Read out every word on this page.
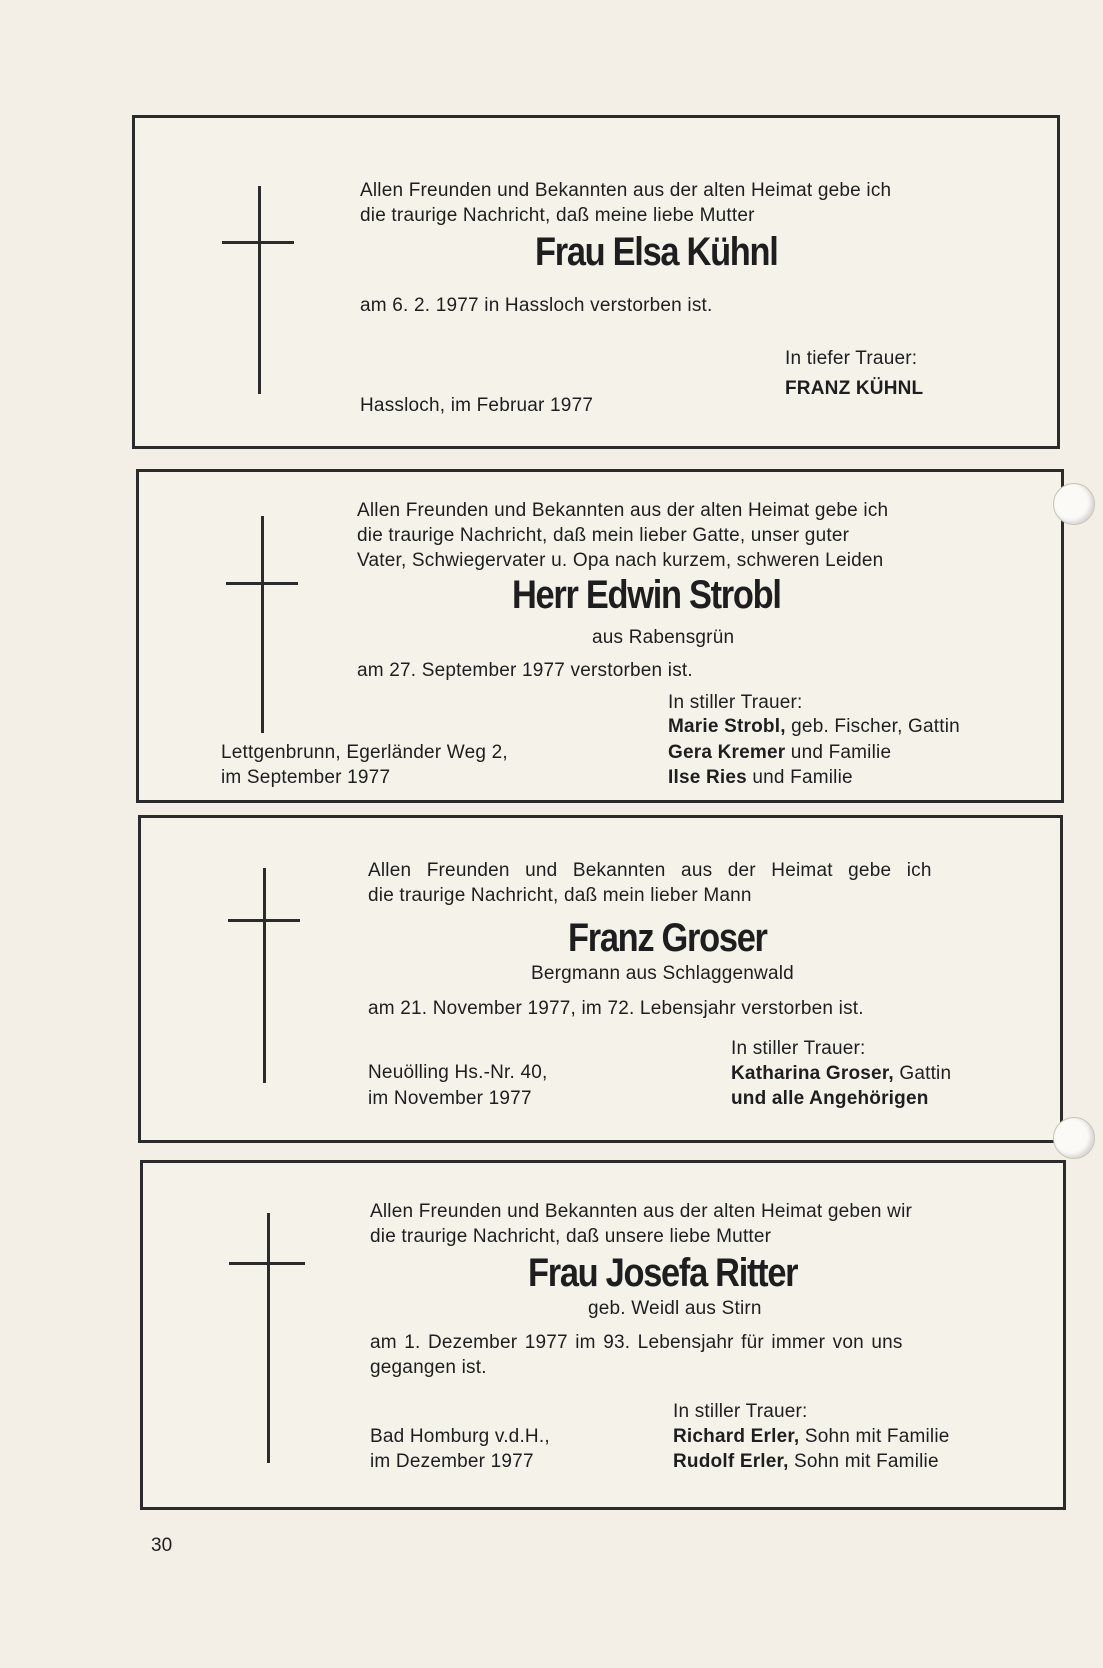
Allen Freunden und Bekannten aus der alten Heimat gebe ich
die traurige Nachricht, daß meine liebe Mutter
Frau Elsa Kühnl
am 6. 2. 1977 in Hassloch verstorben ist.
In tiefer Trauer:
FRANZ KÜHNL
Hassloch, im Februar 1977
Allen Freunden und Bekannten aus der alten Heimat gebe ich
die traurige Nachricht, daß mein lieber Gatte, unser guter
Vater, Schwiegervater u. Opa nach kurzem, schweren Leiden
Herr Edwin Strobl
aus Rabensgrün
am 27. September 1977 verstorben ist.
In stiller Trauer:
Marie Strobl, geb. Fischer, Gattin
Gera Kremer und Familie
Ilse Ries und Familie
Lettgenbrunn, Egerländer Weg 2,
im September 1977
Allen Freunden und Bekannten aus der Heimat gebe ich
die traurige Nachricht, daß mein lieber Mann
Franz Groser
Bergmann aus Schlaggenwald
am 21. November 1977, im 72. Lebensjahr verstorben ist.
In stiller Trauer:
Katharina Groser, Gattin
und alle Angehörigen
Neuölling Hs.-Nr. 40,
im November 1977
Allen Freunden und Bekannten aus der alten Heimat geben wir
die traurige Nachricht, daß unsere liebe Mutter
Frau Josefa Ritter
geb. Weidl aus Stirn
am 1. Dezember 1977 im 93. Lebensjahr für immer von uns
gegangen ist.
In stiller Trauer:
Richard Erler, Sohn mit Familie
Rudolf Erler, Sohn mit Familie
Bad Homburg v.d.H.,
im Dezember 1977
30
